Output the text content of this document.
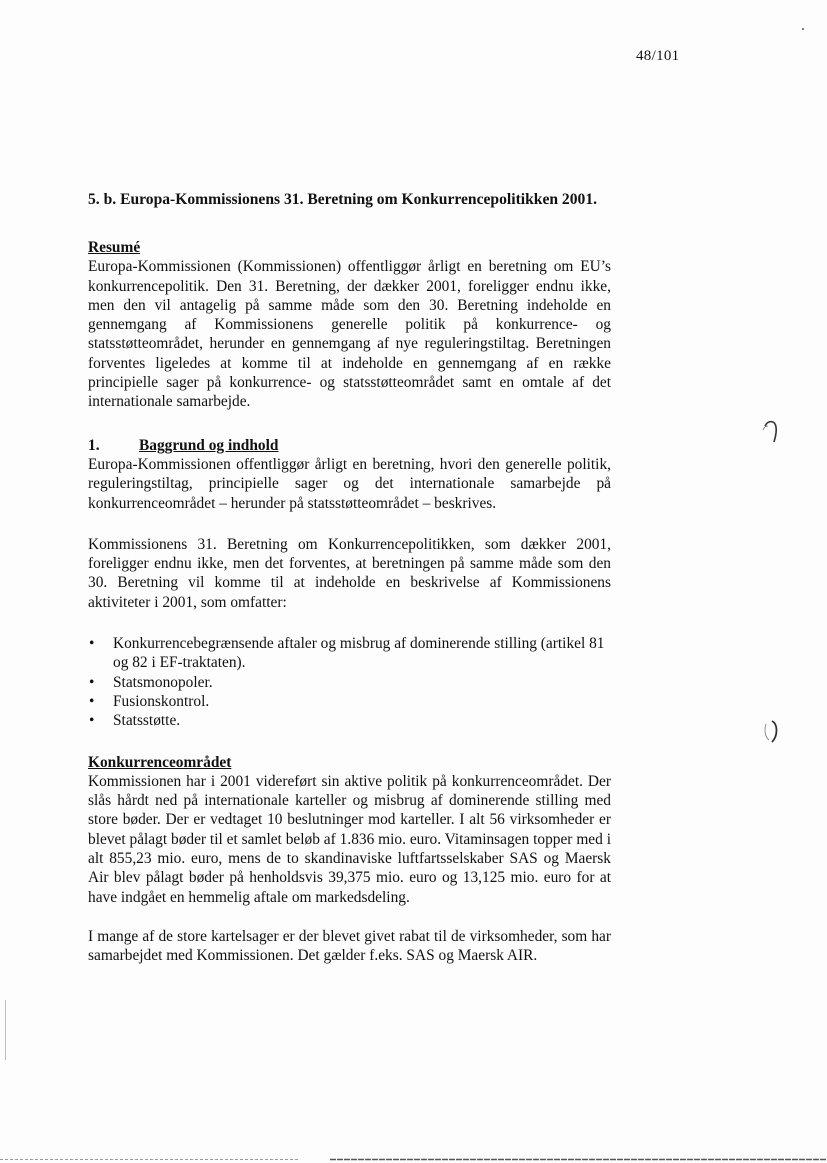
48/101

5. b. Europa-Kommissionens 31. Beretning om Konkurrencepolitikken 2001.

Resumé

Europa-Kommissionen (Kommissionen) offentliggør årligt en beretning om EU’s konkurrencepolitik. Den 31. Beretning, der dækker 2001, foreligger endnu ikke, men den vil antagelig på samme måde som den 30. Beretning indeholde en gennemgang af Kommissionens generelle politik på konkurrence- og statsstøtteområdet, herunder en gennemgang af nye reguleringstiltag. Beretningen forventes ligeledes at komme til at indeholde en gennemgang af en række principielle sager på konkurrence- og statsstøtteområdet samt en omtale af det internationale samarbejde.

1.	Baggrund og indhold

Europa-Kommissionen offentliggør årligt en beretning, hvori den generelle politik, reguleringstiltag, principielle sager og det internationale samarbejde på konkurrenceområdet – herunder på statsstøtteområdet – beskrives.

Kommissionens 31. Beretning om Konkurrencepolitikken, som dækker 2001, foreligger endnu ikke, men det forventes, at beretningen på samme måde som den 30. Beretning vil komme til at indeholde en beskrivelse af Kommissionens aktiviteter i 2001, som omfatter:

• Konkurrencebegrænsende aftaler og misbrug af dominerende stilling (artikel 81 og 82 i EF-traktaten).
• Statsmonopoler.
• Fusionskontrol.
• Statsstøtte.

Konkurrenceområdet

Kommissionen har i 2001 videreført sin aktive politik på konkurrenceområdet. Der slås hårdt ned på internationale karteller og misbrug af dominerende stilling med store bøder. Der er vedtaget 10 beslutninger mod karteller. I alt 56 virksomheder er blevet pålagt bøder til et samlet beløb af 1.836 mio. euro. Vitaminsagen topper med i alt 855,23 mio. euro, mens de to skandinaviske luftfartsselskaber SAS og Maersk Air blev pålagt bøder på henholdsvis 39,375 mio. euro og 13,125 mio. euro for at have indgået en hemmelig aftale om markedsdeling.

I mange af de store kartelsager er der blevet givet rabat til de virksomheder, som har samarbejdet med Kommissionen. Det gælder f.eks. SAS og Maersk AIR.
